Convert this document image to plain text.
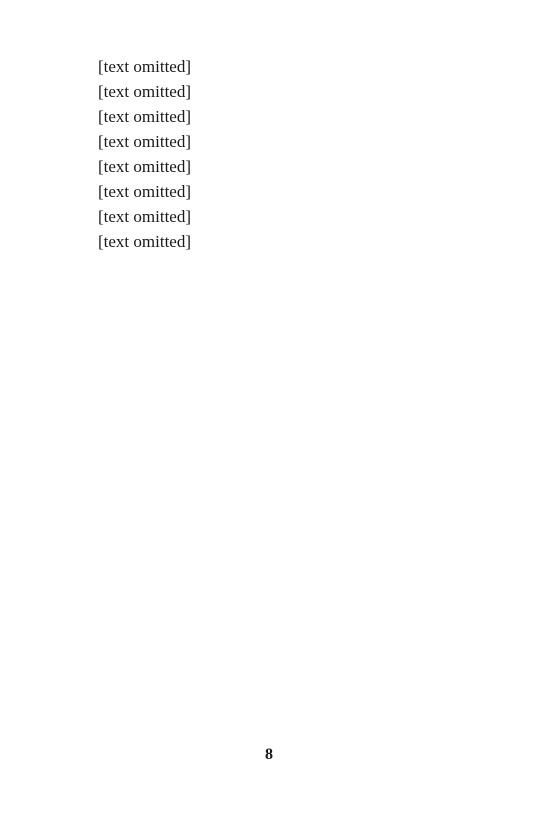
[text omitted]

[text omitted]

[text omitted]

[text omitted]

[text omitted]

[text omitted]

[text omitted]

[text omitted]

8
